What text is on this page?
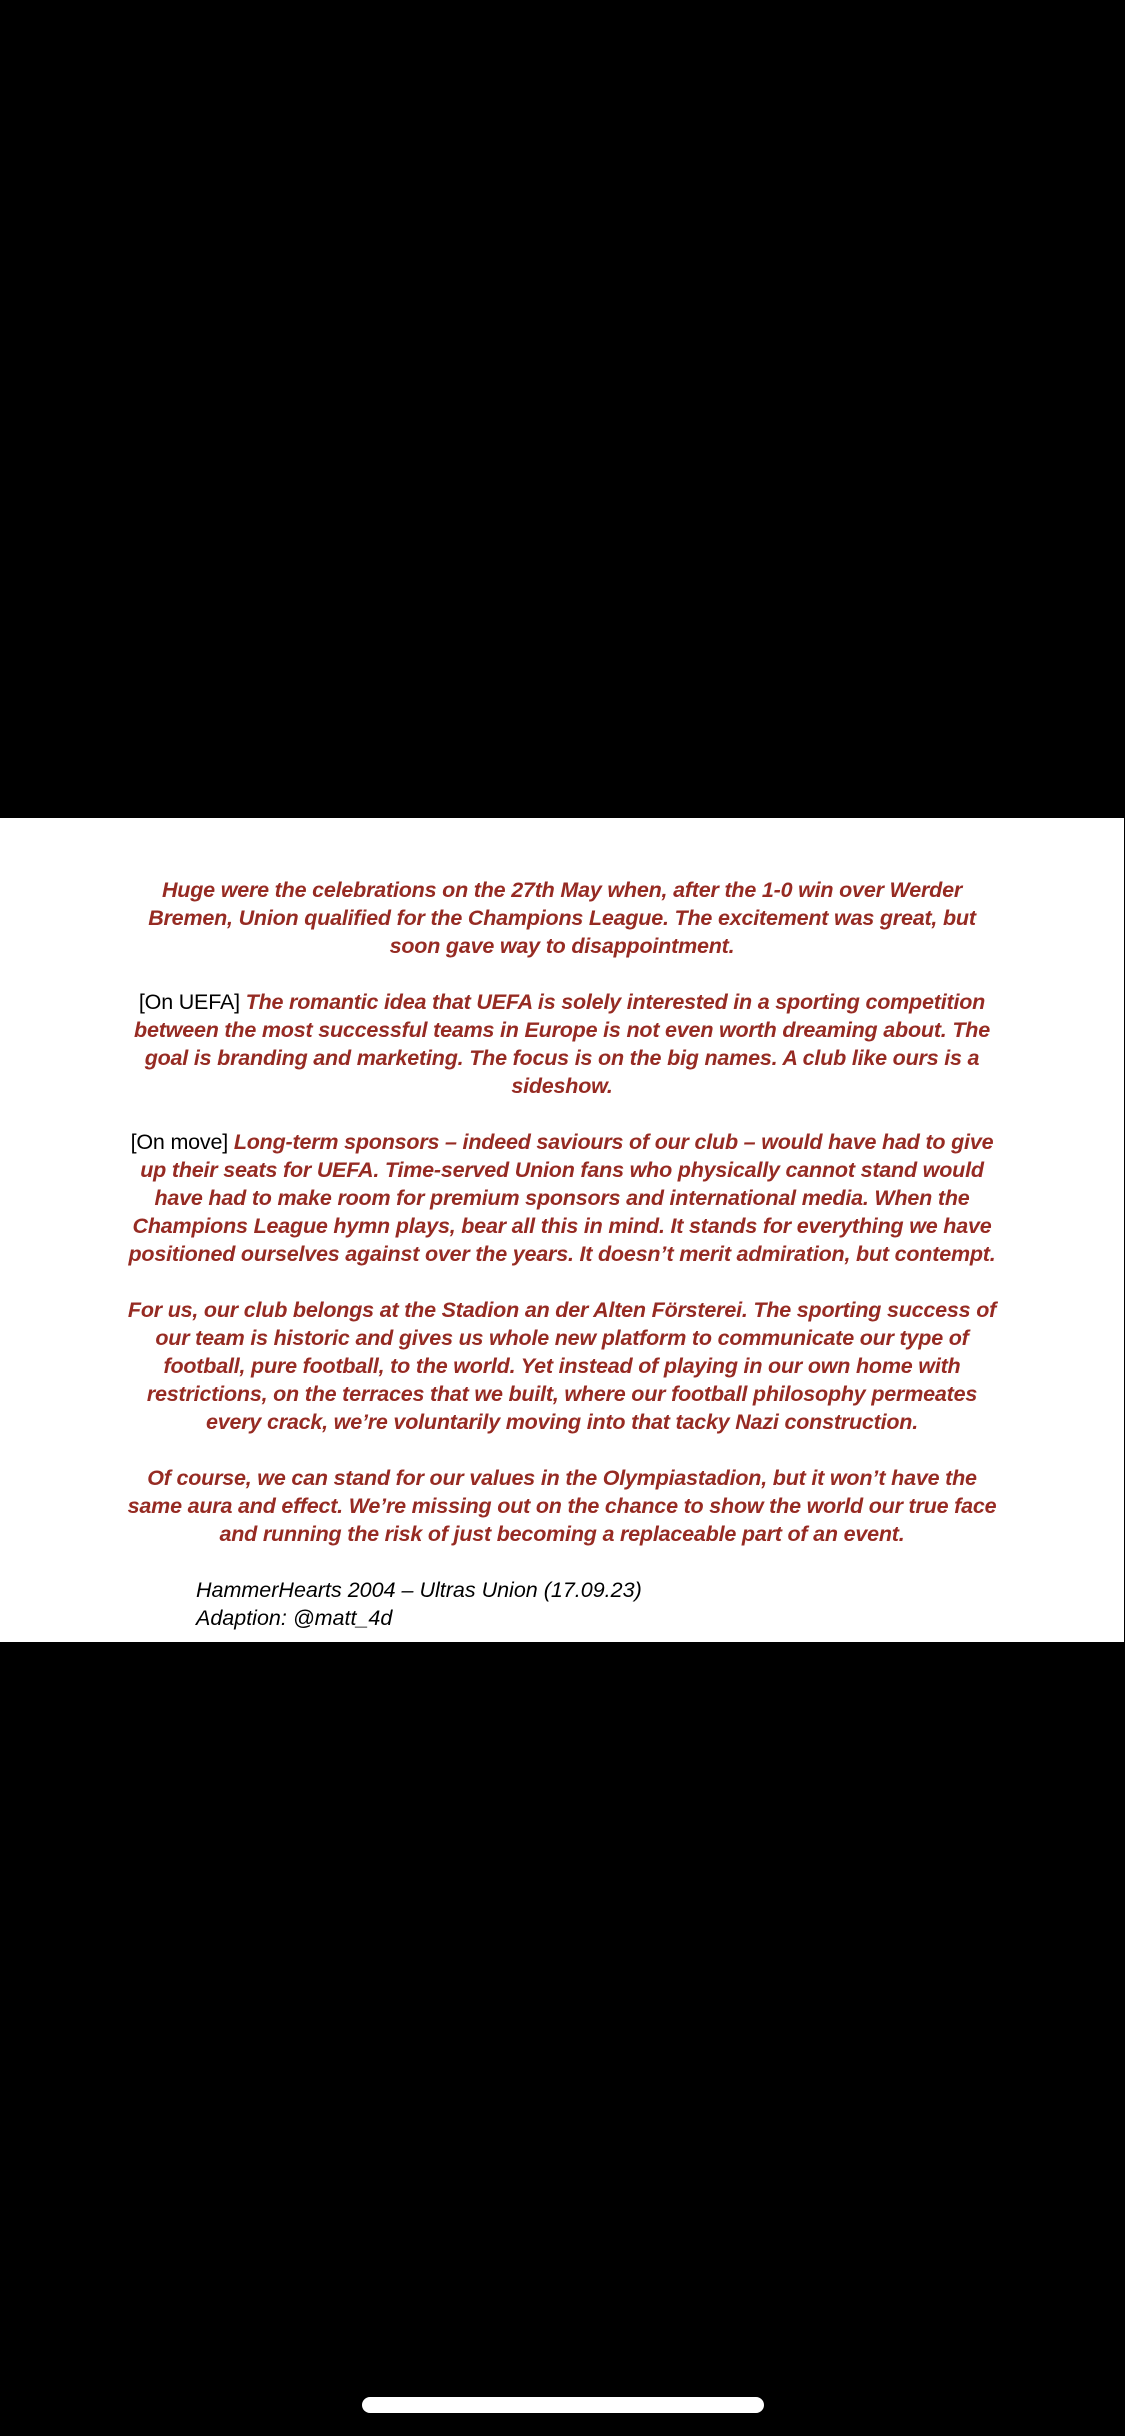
Huge were the celebrations on the 27th May when, after the 1-0 win over Werder Bremen, Union qualified for the Champions League. The excitement was great, but soon gave way to disappointment.

[On UEFA] The romantic idea that UEFA is solely interested in a sporting competition between the most successful teams in Europe is not even worth dreaming about. The goal is branding and marketing. The focus is on the big names. A club like ours is a sideshow.

[On move] Long-term sponsors – indeed saviours of our club – would have had to give up their seats for UEFA. Time-served Union fans who physically cannot stand would have had to make room for premium sponsors and international media. When the Champions League hymn plays, bear all this in mind. It stands for everything we have positioned ourselves against over the years. It doesn’t merit admiration, but contempt.

For us, our club belongs at the Stadion an der Alten Försterei. The sporting success of our team is historic and gives us whole new platform to communicate our type of football, pure football, to the world. Yet instead of playing in our own home with restrictions, on the terraces that we built, where our football philosophy permeates every crack, we’re voluntarily moving into that tacky Nazi construction.

Of course, we can stand for our values in the Olympiastadion, but it won’t have the same aura and effect. We’re missing out on the chance to show the world our true face and running the risk of just becoming a replaceable part of an event.

HammerHearts 2004 – Ultras Union (17.09.23)
Adaption: @matt_4d
